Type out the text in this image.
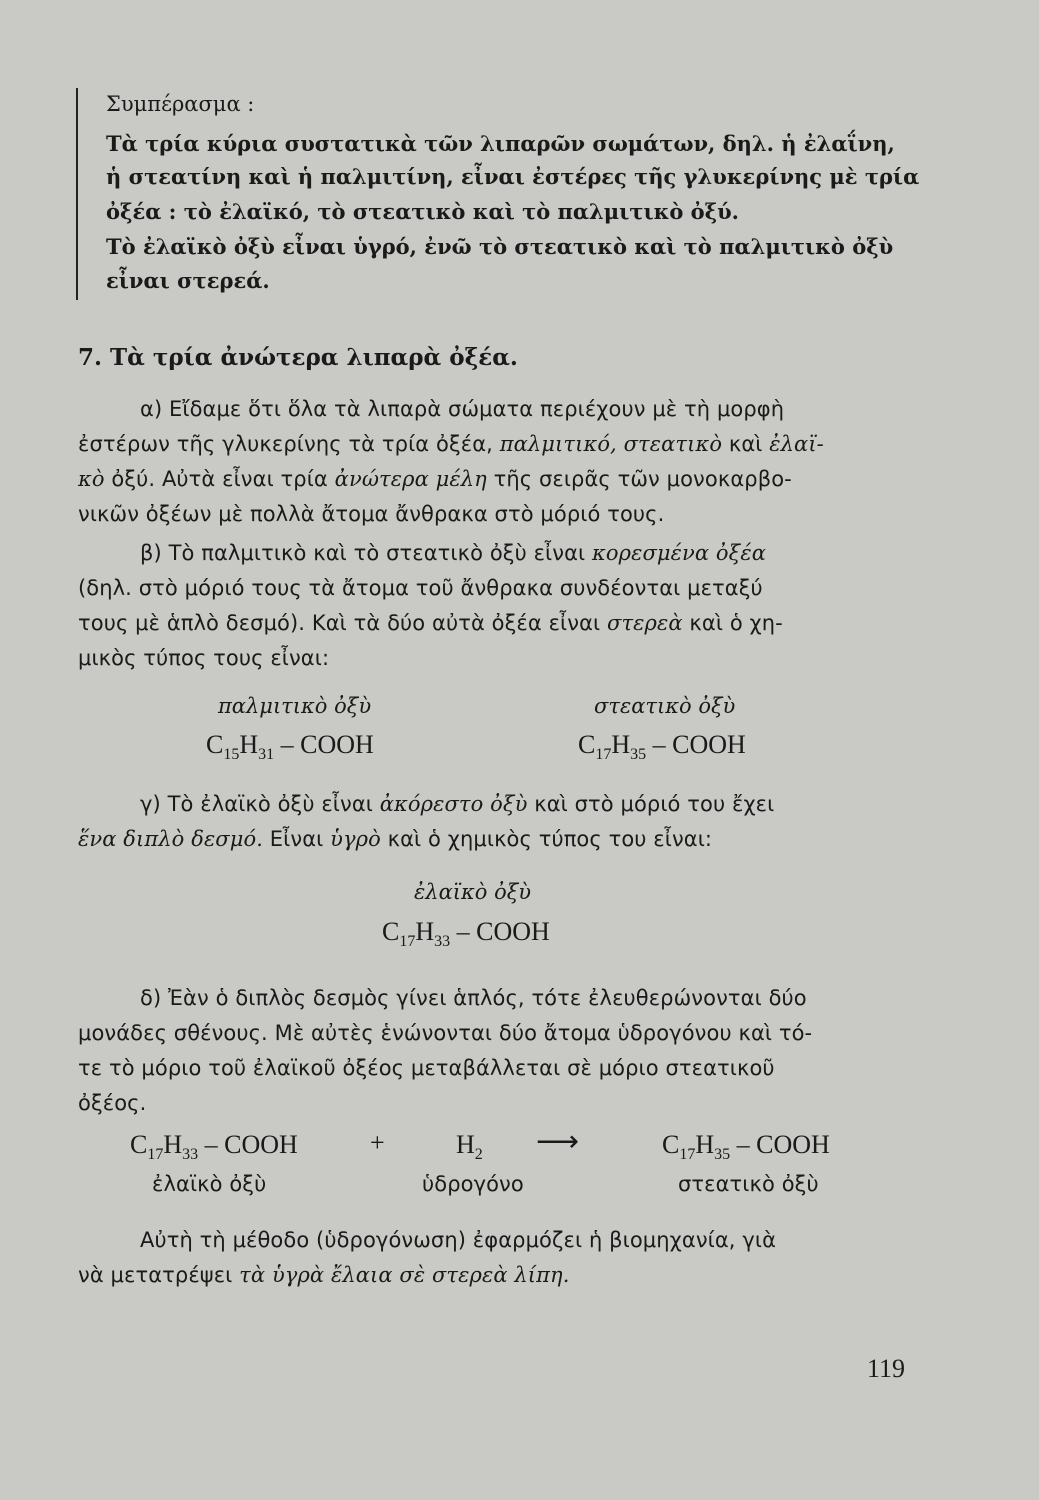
Συμπέρασμα :
Τὰ τρία κύρια συστατικὰ τῶν λιπαρῶν σωμάτων, δηλ. ἡ ἐλαΐνη,
ἡ στεατίνη καὶ ἡ παλμιτίνη, εἶναι ἐστέρες τῆς γλυκερίνης μὲ τρία
ὀξέα : τὸ ἐλαϊκό, τὸ στεατικὸ καὶ τὸ παλμιτικὸ ὀξύ.
Τὸ ἐλαϊκὸ ὀξὺ εἶναι ὑγρό, ἐνῶ τὸ στεατικὸ καὶ τὸ παλμιτικὸ ὀξὺ
εἶναι στερεά.
7. Τὰ τρία ἀνώτερα λιπαρὰ ὀξέα.
α) Εἴδαμε ὅτι ὅλα τὰ λιπαρὰ σώματα περιέχουν μὲ τὴ μορφὴ
ἐστέρων τῆς γλυκερίνης τὰ τρία ὀξέα, παλμιτικό, στεατικὸ καὶ ἐλαϊ-
κὸ ὀξύ. Αὐτὰ εἶναι τρία ἀνώτερα μέλη τῆς σειρᾶς τῶν μονοκαρβο-
νικῶν ὀξέων μὲ πολλὰ ἄτομα ἄνθρακα στὸ μόριό τους.
β) Τὸ παλμιτικὸ καὶ τὸ στεατικὸ ὀξὺ εἶναι κορεσμένα ὀξέα
(δηλ. στὸ μόριό τους τὰ ἄτομα τοῦ ἄνθρακα συνδέονται μεταξύ
τους μὲ ἁπλὸ δεσμό). Καὶ τὰ δύο αὐτὰ ὀξέα εἶναι στερεὰ καὶ ὁ χη-
μικὸς τύπος τους εἶναι:
παλμιτικὸ ὀξὺ	στεατικὸ ὀξὺ
$C_{15}H_{31}$ – COOH	$C_{17}H_{35}$ – COOH
γ) Τὸ ἐλαϊκὸ ὀξὺ εἶναι ἀκόρεστο ὀξὺ καὶ στὸ μόριό του ἔχει
ἕνα διπλὸ δεσμό. Εἶναι ὑγρὸ καὶ ὁ χημικὸς τύπος του εἶναι:
ἐλαϊκὸ ὀξὺ
$C_{17}H_{33}$ – COOH
δ) Ἐὰν ὁ διπλὸς δεσμὸς γίνει ἁπλός, τότε ἐλευθερώνονται δύο
μονάδες σθένους. Μὲ αὐτὲς ἑνώνονται δύο ἄτομα ὑδρογόνου καὶ τό-
τε τὸ μόριο τοῦ ἐλαϊκοῦ ὀξέος μεταβάλλεται σὲ μόριο στεατικοῦ
ὀξέος.
$C_{17}H_{33}$ – COOH	+	$H_2$ ⟶	$C_{17}H_{35}$ – COOH
ἐλαϊκὸ ὀξὺ	ὑδρογόνο	στεατικὸ ὀξὺ
Αὐτὴ τὴ μέθοδο (ὑδρογόνωση) ἐφαρμόζει ἡ βιομηχανία, γιὰ
νὰ μετατρέψει τὰ ὑγρὰ ἔλαια σὲ στερεὰ λίπη.
119
